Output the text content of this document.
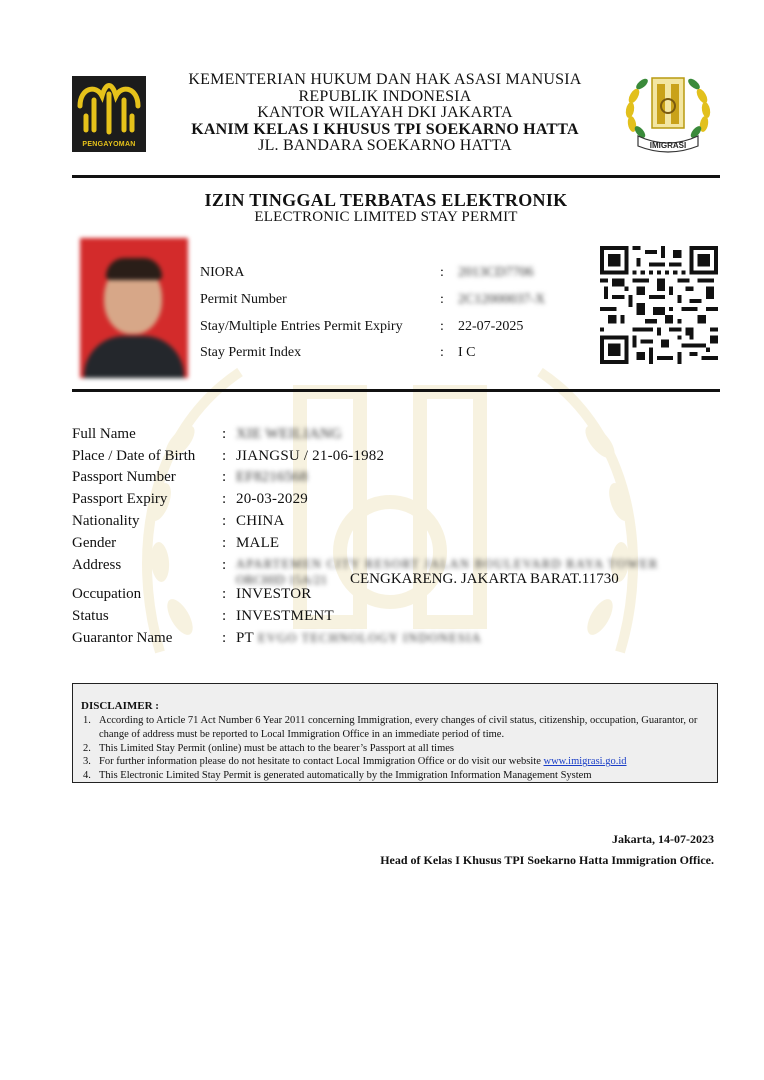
PENGAYOMAN	IMIGRASI
KEMENTERIAN HUKUM DAN HAK ASASI MANUSIA
REPUBLIK INDONESIA
KANTOR WILAYAH DKI JAKARTA
KANIM KELAS I KHUSUS TPI SOEKARNO HATTA
JL. BANDARA SOEKARNO HATTA
IZIN TINGGAL TERBATAS ELEKTRONIK
ELECTRONIC LIMITED STAY PERMIT
NIORA	: 2013CD7706
Permit Number	: 2C12000037-X
Stay/Multiple Entries Permit Expiry	: 22-07-2025
Stay Permit Index	: I C
Full Name	: XIE WEILIANG
Place / Date of Birth : JIANGSU / 21-06-1982
Passport Number	: EF8216568
Passport Expiry	: 20-03-2029
Nationality	: CHINA
Gender	: MALE
Address	: APARTEMEN CITY RESORT JALAN BOULEVARD RAYA TOWER
ORCHID 15A/21 CENGKARENG. JAKARTA BARAT.11730
Occupation	: INVESTOR
Status	: INVESTMENT
Guarantor Name	: PT EVGO TECHNOLOGY INDONESIA
DISCLAIMER :
1. According to Article 71 Act Number 6 Year 2011 concerning Immigration, every changes of civil status, citizenship, occupation, Guarantor, or change of address must be reported to Local Immigration Office in an immediate period of time.
2. This Limited Stay Permit (online) must be attach to the bearer’s Passport at all times
3. For further information please do not hesitate to contact Local Immigration Office or do visit our website www.imigrasi.go.id
4. This Electronic Limited Stay Permit is generated automatically by the Immigration Information Management System
Jakarta, 14-07-2023
Head of Kelas I Khusus TPI Soekarno Hatta Immigration Office.
